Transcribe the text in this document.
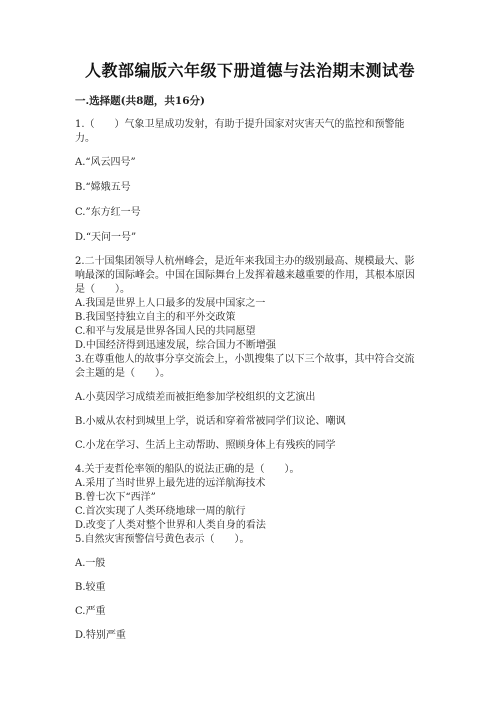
人教部编版六年级下册道德与法治期末测试卷
一.选择题(共8题，共16分)
1.（　　）气象卫星成功发射，有助于提升国家对灾害天气的监控和预警能
力。
A.“风云四号”
B.“嫦娥五号
C.”东方红一号
D.“天问一号”
2.二十国集团领导人杭州峰会，是近年来我国主办的级别最高、规模最大、影
响最深的国际峰会。中国在国际舞台上发挥着越来越重要的作用，其根本原因
是（　　）。
A.我国是世界上人口最多的发展中国家之一
B.我国坚持独立自主的和平外交政策
C.和平与发展是世界各国人民的共同愿望
D.中国经济得到迅速发展，综合国力不断增强
3.在尊重他人的故事分享交流会上，小凯搜集了以下三个故事，其中符合交流
会主题的是（　　）。
A.小莫因学习成绩差而被拒绝参加学校组织的文艺演出
B.小威从农村到城里上学，说话和穿着常被同学们议论、嘲讽
C.小龙在学习、生活上主动帮助、照顾身体上有残疾的同学
4.关于麦哲伦率领的船队的说法正确的是（　　）。
A.采用了当时世界上最先进的远洋航海技术
B.曾七次下“西洋”
C.首次实现了人类环绕地球一周的航行
D.改变了人类对整个世界和人类自身的看法
5.自然灾害预警信号黄色表示（　　）。
A.一般
B.较重
C.严重
D.特别严重
